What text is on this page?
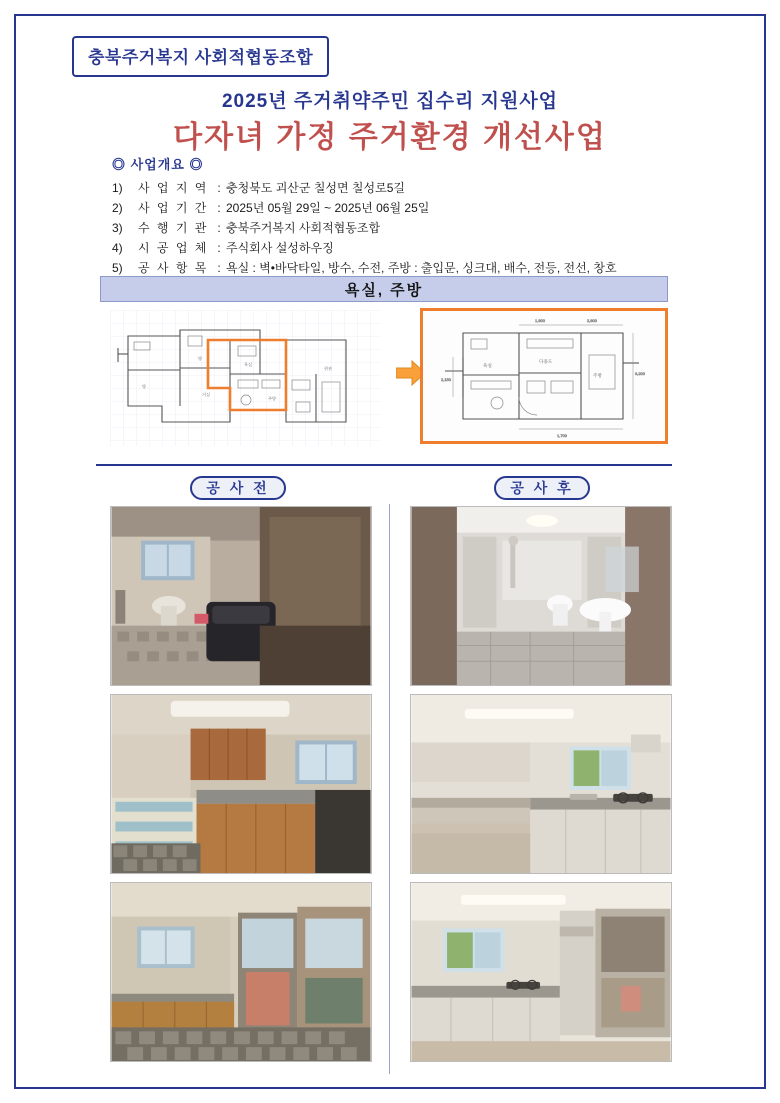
충북주거복지 사회적협동조합
2025년 주거취약주민 집수리 지원사업
다자녀 가정 주거환경 개선사업
◎ 사업개요 ◎
1)	사 업 지 역 : 충청북도 괴산군 칠성면 칠성로5길
2)	사 업 기 간 : 2025년 05월 29일 ~ 2025년 06월 25일
3)	수 행 기 관 : 충북주거복지 사회적협동조합
4)	시 공 업 체 : 주식회사 설성하우징
5)	공 사 항 목 : 욕실 : 벽•바닥타일, 방수, 수전, 주방 : 출입문, 싱크대, 배수, 전등, 전선, 창호
욕실, 주방
방
방
거실
욕실
주방
현관
욕실
주방
다용도
1,900	2,900
3,200
2,150
1,700
공 사 전	공 사 후
